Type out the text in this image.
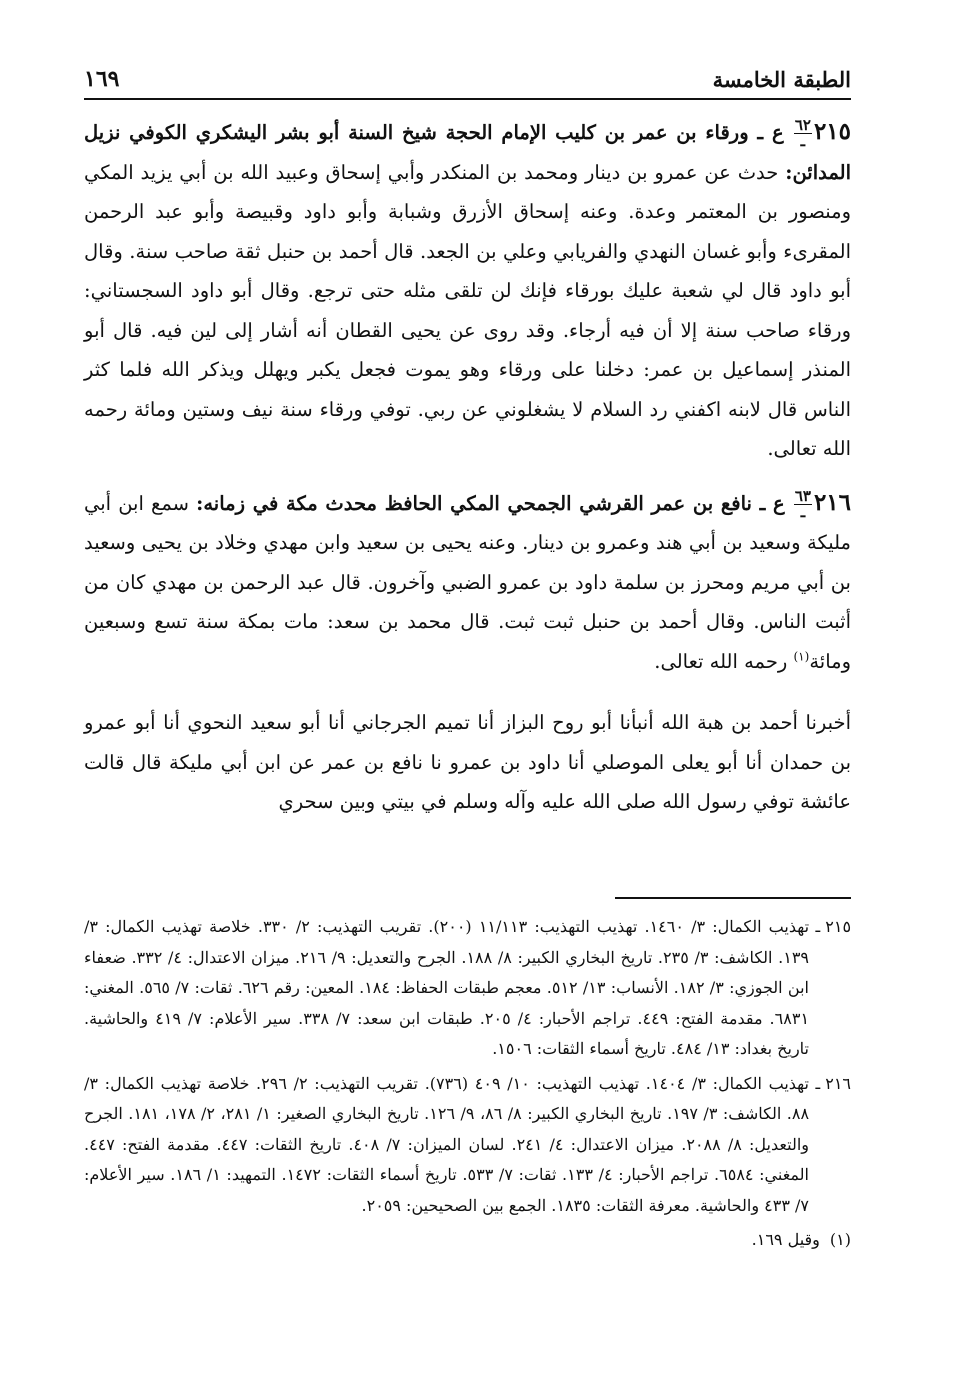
الطبقة الخامسة
١٦٩

٢١٥
$\frac{٦٢}{\text{ـ}}$
ع ـ ورقاء بن عمر بن كليب الإمام الحجة شيخ السنة أبو بشر اليشكري الكوفي نزيل المدائن: حدث عن عمرو بن دينار ومحمد بن المنكدر وأبي إسحاق وعبيد الله بن أبي يزيد المكي ومنصور بن المعتمر وعدة. وعنه إسحاق الأزرق وشبابة وأبو داود وقبيصة وأبو عبد الرحمن المقرىء وأبو غسان النهدي والفريابي وعلي بن الجعد. قال أحمد بن حنبل ثقة صاحب سنة. وقال أبو داود قال لي شعبة عليك بورقاء فإنك لن تلقى مثله حتى ترجع. وقال أبو داود السجستاني: ورقاء صاحب سنة إلا أن فيه أرجاء. وقد روى عن يحيى القطان أنه أشار إلى لين فيه. قال أبو المنذر إسماعيل بن عمر: دخلنا على ورقاء وهو يموت فجعل يكبر ويهلل ويذكر الله فلما كثر الناس قال لابنه اكفني رد السلام لا يشغلوني عن ربي. توفي ورقاء سنة نيف وستين ومائة رحمه الله تعالى.

٢١٦
$\frac{٦٣}{\text{ـ}}$
ع ـ نافع بن عمر القرشي الجمحي المكي الحافظ محدث مكة في زمانه: سمع ابن أبي مليكة وسعيد بن أبي هند وعمرو بن دينار. وعنه يحيى بن سعيد وابن مهدي وخلاد بن يحيى وسعيد بن أبي مريم ومحرز بن سلمة داود بن عمرو الضبي وآخرون. قال عبد الرحمن بن مهدي كان من أثبت الناس. وقال أحمد بن حنبل ثبت ثبت. قال محمد بن سعد: مات بمكة سنة تسع وسبعين ومائة$^{(١)}$ رحمه الله تعالى.

أخبرنا أحمد بن هبة الله أنبأنا أبو روح البزاز أنا تميم الجرجاني أنا أبو سعيد النحوي أنا أبو عمرو بن حمدان أنا أبو يعلى الموصلي أنا داود بن عمرو نا نافع بن عمر عن ابن أبي مليكة قال قالت عائشة توفي رسول الله صلى الله عليه وآله وسلم في بيتي وبين سحري

٢١٥ ـتهذيب الكمال: ٣/ ١٤٦٠. تهذيب التهذيب: ١١/١١٣ (٢٠٠). تقريب التهذيب: ٢/ ٣٣٠. خلاصة تهذيب الكمال: ٣/ ١٣٩. الكاشف: ٣/ ٢٣٥. تاريخ البخاري الكبير: ٨/ ١٨٨. الجرح والتعديل: ٩/ ٢١٦. ميزان الاعتدال: ٤/ ٣٣٢. ضعفاء ابن الجوزي: ٣/ ١٨٢. الأنساب: ١٣/ ٥١٢. معجم طبقات الحفاظ: ١٨٤. المعين: رقم ٦٢٦. ثقات: ٧/ ٥٦٥. المغني: ٦٨٣١. مقدمة الفتح: ٤٤٩. تراجم الأحبار: ٤/ ٢٠٥. طبقات ابن سعد: ٧/ ٣٣٨. سير الأعلام: ٧/ ٤١٩ والحاشية. تاريخ بغداد: ١٣/ ٤٨٤. تاريخ أسماء الثقات: ١٥٠٦.

٢١٦ ـتهذيب الكمال: ٣/ ١٤٠٤. تهذيب التهذيب: ١٠/ ٤٠٩ (٧٣٦). تقريب التهذيب: ٢/ ٢٩٦. خلاصة تهذيب الكمال: ٣/ ٨٨. الكاشف: ٣/ ١٩٧. تاريخ البخاري الكبير: ٨/ ٨٦، ٩/ ١٢٦. تاريخ البخاري الصغير: ١/ ٢٨١، ٢/ ١٧٨، ١٨١. الجرح والتعديل: ٨/ ٢٠٨٨. ميزان الاعتدال: ٤/ ٢٤١. لسان الميزان: ٧/ ٤٠٨. تاريخ الثقات: ٤٤٧. مقدمة الفتح: ٤٤٧. المغني: ٦٥٨٤. تراجم الأحبار: ٤/ ١٣٣. ثقات: ٧/ ٥٣٣. تاريخ أسماء الثقات: ١٤٧٢. التمهيد: ١/ ١٨٦. سير الأعلام: ٧/ ٤٣٣ والحاشية. معرفة الثقات: ١٨٣٥. الجمع بين الصحيحين: ٢٠٥٩.

(١)وقيل ١٦٩.
